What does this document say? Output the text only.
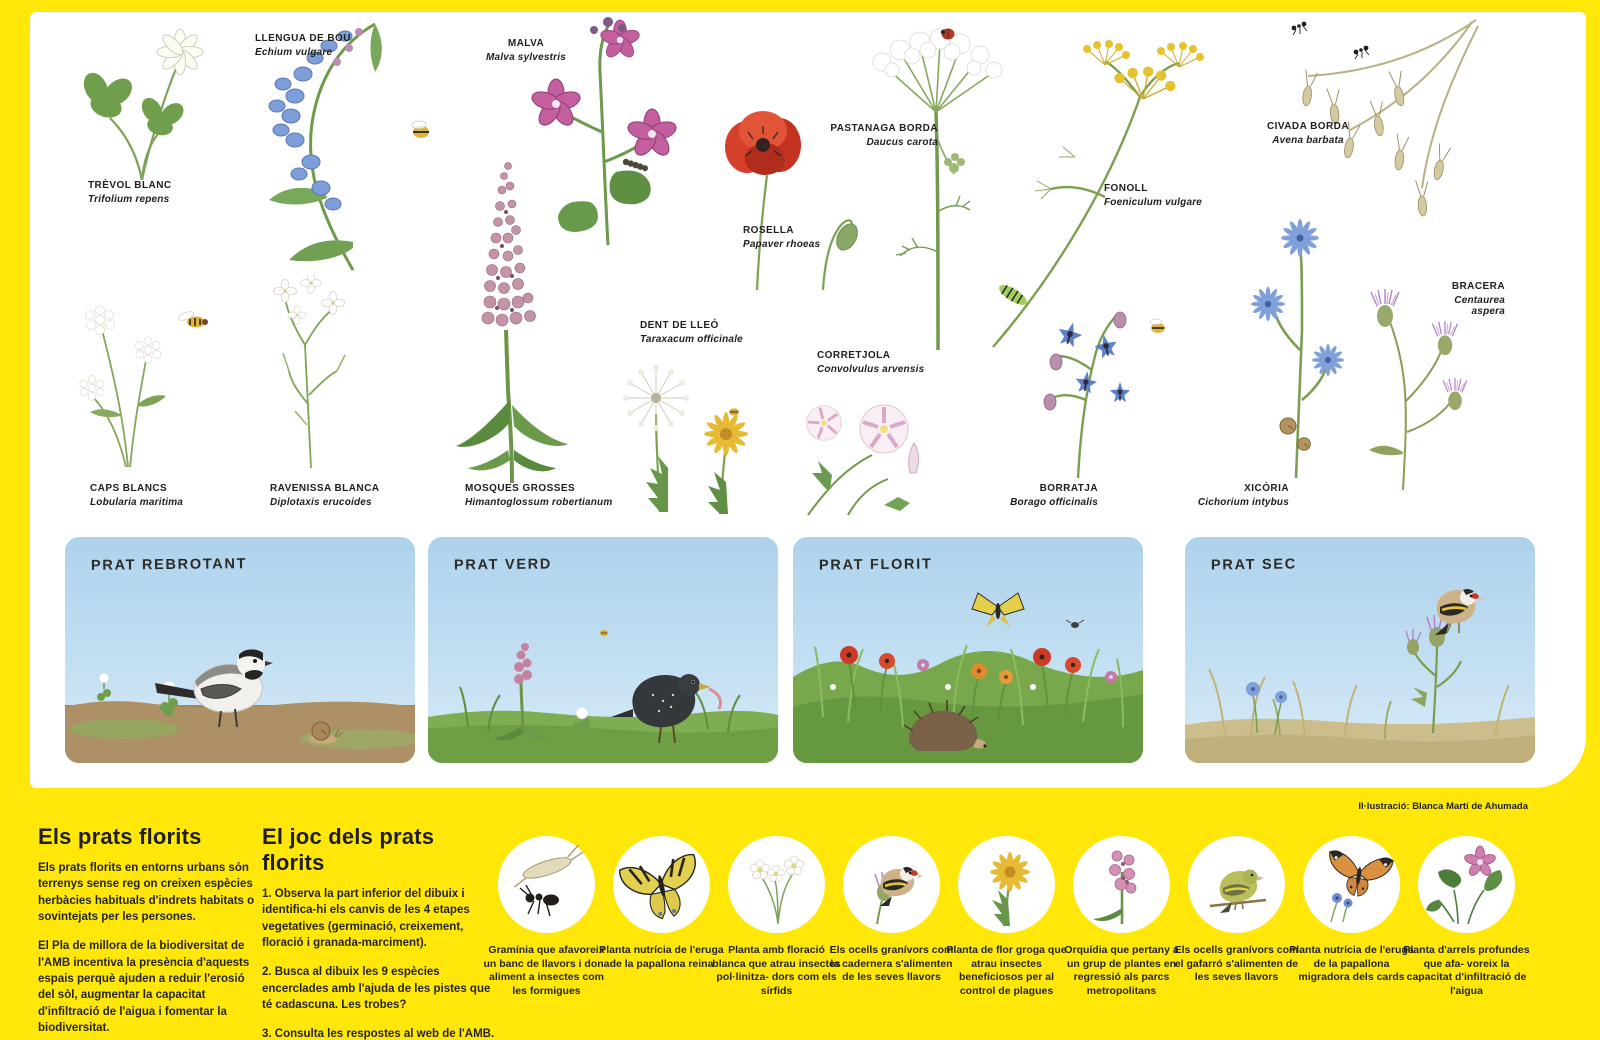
TRÈVOL BLANC
Trifolium repens
LLENGUA DE BOU
Echium vulgare
MALVA
Malva sylvestris
PASTANAGA BORDA
Daucus carota
CIVADA BORDA
Avena barbata
ROSELLA
Papaver rhoeas
FONOLL
Foeniculum vulgare
BRACERA
Centaurea aspera
DENT DE LLEÓ
Taraxacum officinale
CORRETJOLA
Convolvulus arvensis
CAPS BLANCS
Lobularia maritima
RAVENISSA BLANCA
Diplotaxis erucoides
MOSQUES GROSSES
Himantoglossum robertianum
BORRATJA
Borago officinalis
XICÒRIA
Cichorium intybus
PRAT REBROTANT	PRAT VERD	PRAT FLORIT	PRAT SEC
Il·lustració: Blanca Martí de Ahumada
Els prats florits

Els prats florits en entorns urbans són terrenys sense reg on creixen espècies herbàcies habituals d'indrets habitats o sovintejats per les persones.

El Pla de millora de la biodiversitat de l'AMB incentiva la presència d'aquests espais perquè ajuden a reduir l'erosió del sòl, augmentar la capacitat d'infiltració de l'aigua i fomentar la biodiversitat.

El joc dels prats florits

1. Observa la part inferior del dibuix i identifica-hi els canvis de les 4 etapes vegetatives (germinació, creixement, floració i granada-marciment).

2. Busca al dibuix les 9 espècies encerclades amb l'ajuda de les pistes que té cadascuna. Les trobes?

3. Consulta les respostes al web de l'AMB.

Gramínia que afavoreix un banc de llavors i dona aliment a insectes com les formigues
Planta nutrícia de l'eruga de la papallona reina
Planta amb floració blanca que atrau insectes pol·linitza- dors com els sírfids
Els ocells granívors com la cadernera s'alimenten de les seves llavors
Planta de flor groga que atrau insectes beneficiosos per al control de plagues
Orquídia que pertany a un grup de plantes en regressió als parcs metropolitans
Els ocells granívors com el gafarró s'alimenten de les seves llavors
Planta nutrícia de l'eruga de la papallona migradora dels cards
Planta d'arrels profundes que afa- voreix la capacitat d'infiltració de l'aigua
